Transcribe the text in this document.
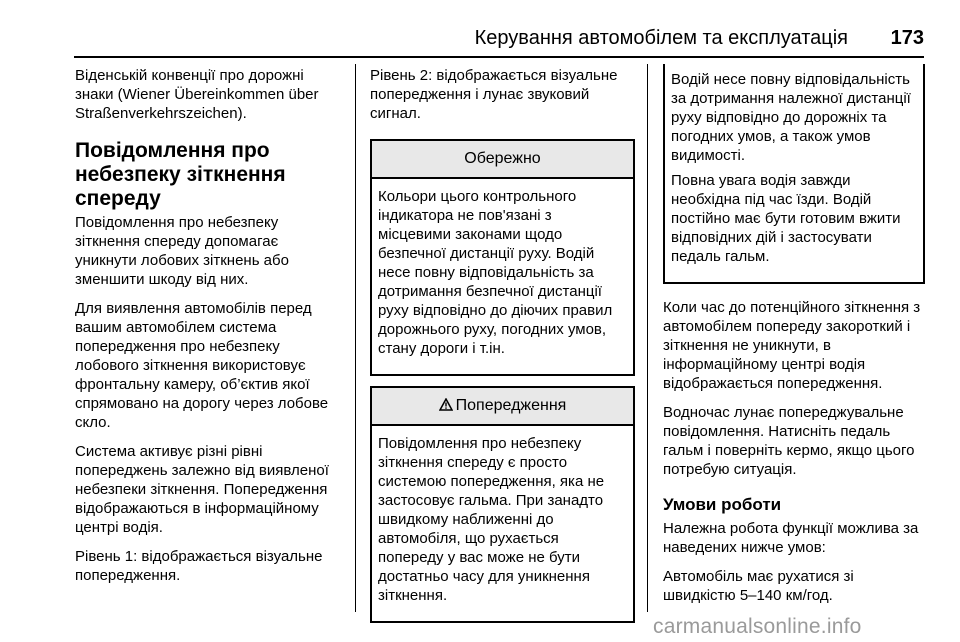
Керування автомобілем та експлуатація 173

Віденській конвенції про дорожні знаки (Wiener Übereinkommen über Straßenverkehrszeichen).

Повідомлення про небезпеку зіткнення спереду

Повідомлення про небезпеку зіткнення спереду допомагає уникнути лобових зіткнень або зменшити шкоду від них.

Для виявлення автомобілів перед вашим автомобілем система попередження про небезпеку лобового зіткнення використовує фронтальну камеру, об’єктив якої спрямовано на дорогу через лобове скло.

Система активує різні рівні попереджень залежно від виявленої небезпеки зіткнення. Попередження відображаються в інформаційному центрі водія.

Рівень 1: відображається візуальне попередження.

Рівень 2: відображається візуальне попередження і лунає звуковий сигнал.

Обережно

Кольори цього контрольного індикатора не пов'язані з місцевими законами щодо безпечної дистанції руху. Водій несе повну відповідальність за дотримання безпечної дистанції руху відповідно до діючих правил дорожнього руху, погодних умов, стану дороги і т.ін.

Попередження

Повідомлення про небезпеку зіткнення спереду є просто системою попередження, яка не застосовує гальма. При занадто швидкому наближенні до автомобіля, що рухається попереду у вас може не бути достатньо часу для уникнення зіткнення.

Водій несе повну відповідальність за дотримання належної дистанції руху відповідно до дорожніх та погодних умов, а також умов видимості.

Повна увага водія завжди необхідна під час їзди. Водій постійно має бути готовим вжити відповідних дій і застосувати педаль гальм.

Коли час до потенційного зіткнення з автомобілем попереду закороткий і зіткнення не уникнути, в інформаційному центрі водія відображається попередження.

Водночас лунає попереджувальне повідомлення. Натисніть педаль гальм і поверніть кермо, якщо цього потребую ситуація.

Умови роботи

Належна робота функції можлива за наведених нижче умов:

Автомобіль має рухатися зі швидкістю 5–140 км/год.

carmanualsonline.info
